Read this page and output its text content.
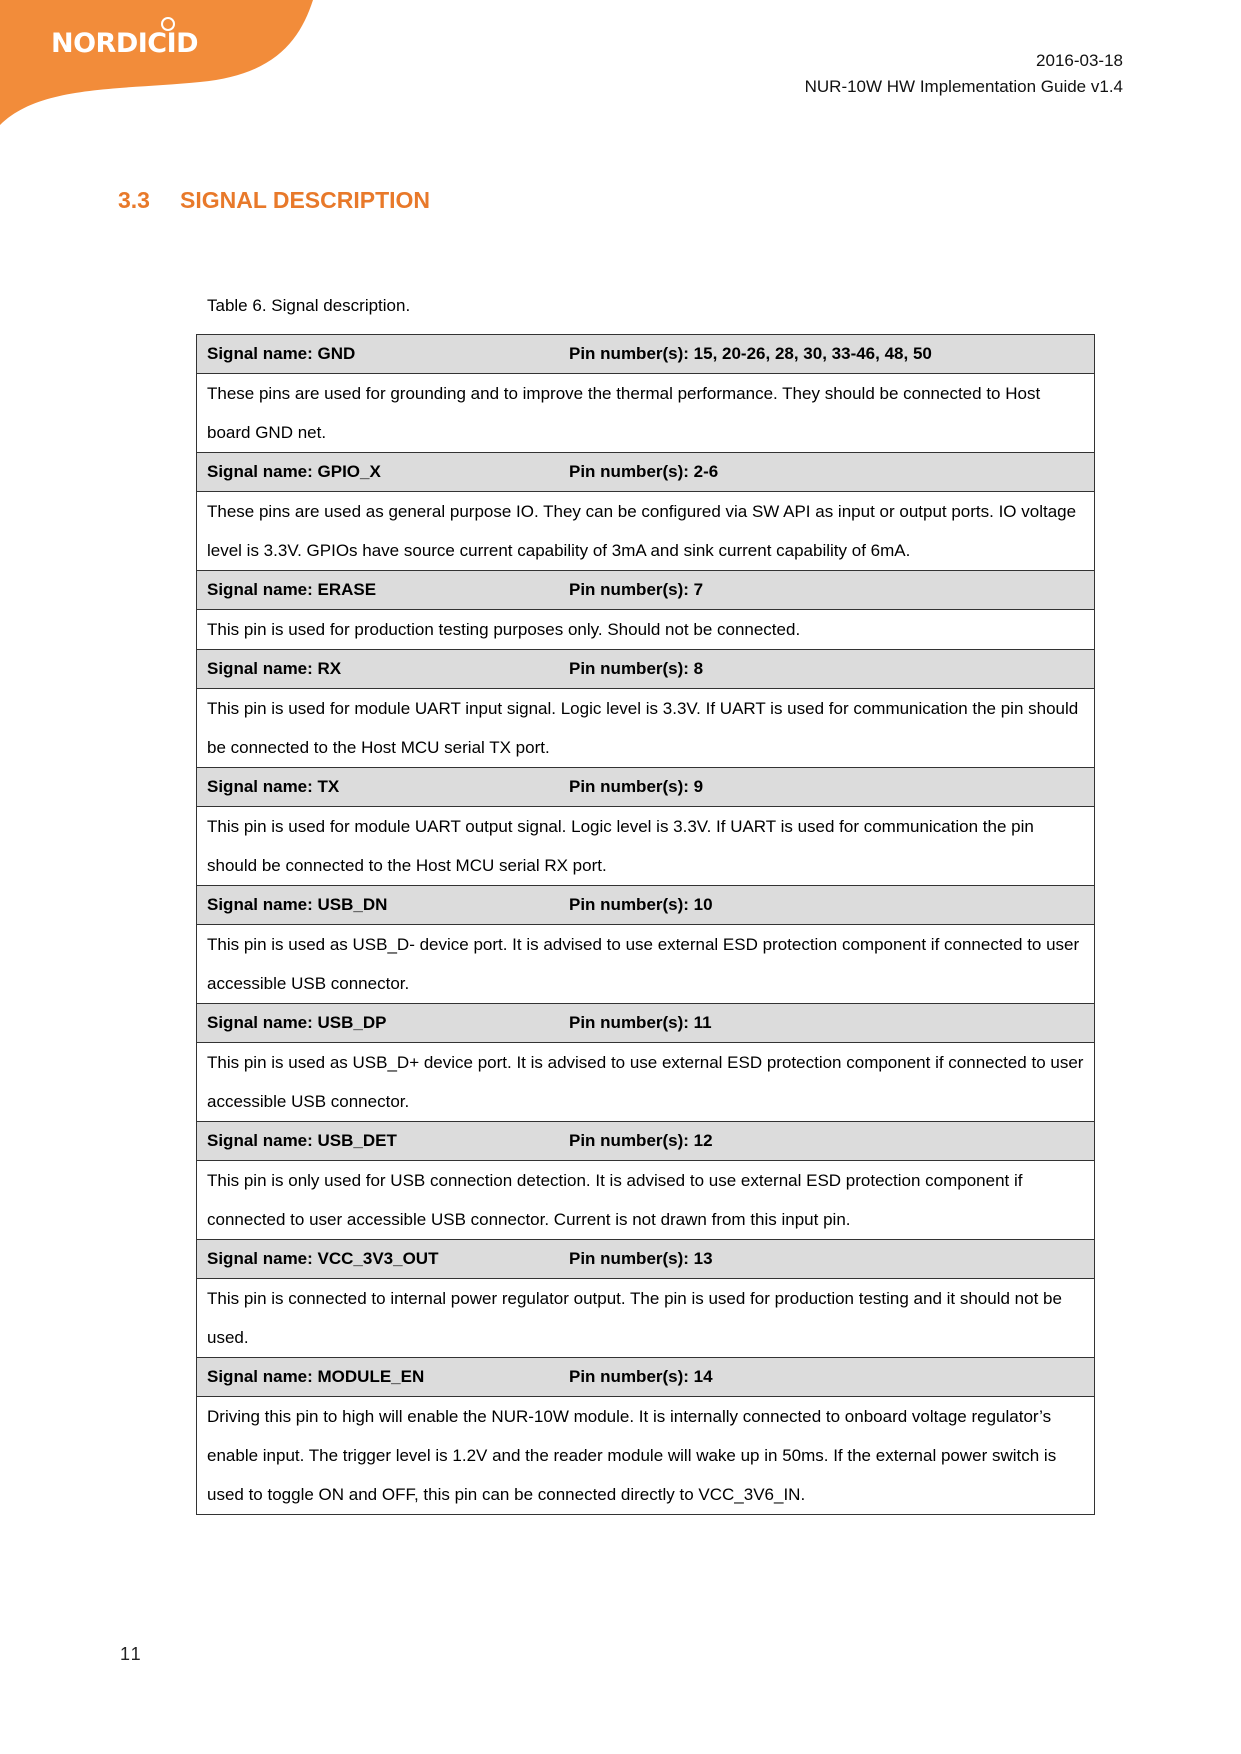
NORDICID
2016-03-18
NUR-10W HW Implementation Guide v1.4
3.3 SIGNAL DESCRIPTION
Table 6. Signal description.
Signal name: GND	Pin number(s): 15, 20-26, 28, 30, 33-46, 48, 50
These pins are used for grounding and to improve the thermal performance. They should be connected to Host board GND net.
Signal name: GPIO_X	Pin number(s): 2-6
These pins are used as general purpose IO. They can be configured via SW API as input or output ports. IO voltage level is 3.3V. GPIOs have source current capability of 3mA and sink current capability of 6mA.
Signal name: ERASE	Pin number(s): 7
This pin is used for production testing purposes only. Should not be connected.
Signal name: RX	Pin number(s): 8
This pin is used for module UART input signal. Logic level is 3.3V. If UART is used for communication the pin should be connected to the Host MCU serial TX port.
Signal name: TX	Pin number(s): 9
This pin is used for module UART output signal. Logic level is 3.3V. If UART is used for communication the pin should be connected to the Host MCU serial RX port.
Signal name: USB_DN	Pin number(s): 10
This pin is used as USB_D- device port. It is advised to use external ESD protection component if connected to user accessible USB connector.
Signal name: USB_DP	Pin number(s): 11
This pin is used as USB_D+ device port. It is advised to use external ESD protection component if connected to user accessible USB connector.
Signal name: USB_DET	Pin number(s): 12
This pin is only used for USB connection detection. It is advised to use external ESD protection component if connected to user accessible USB connector. Current is not drawn from this input pin.
Signal name: VCC_3V3_OUT	Pin number(s): 13
This pin is connected to internal power regulator output. The pin is used for production testing and it should not be used.
Signal name: MODULE_EN	Pin number(s): 14
Driving this pin to high will enable the NUR-10W module. It is internally connected to onboard voltage regulator’s enable input. The trigger level is 1.2V and the reader module will wake up in 50ms. If the external power switch is used to toggle ON and OFF, this pin can be connected directly to VCC_3V6_IN.
11
